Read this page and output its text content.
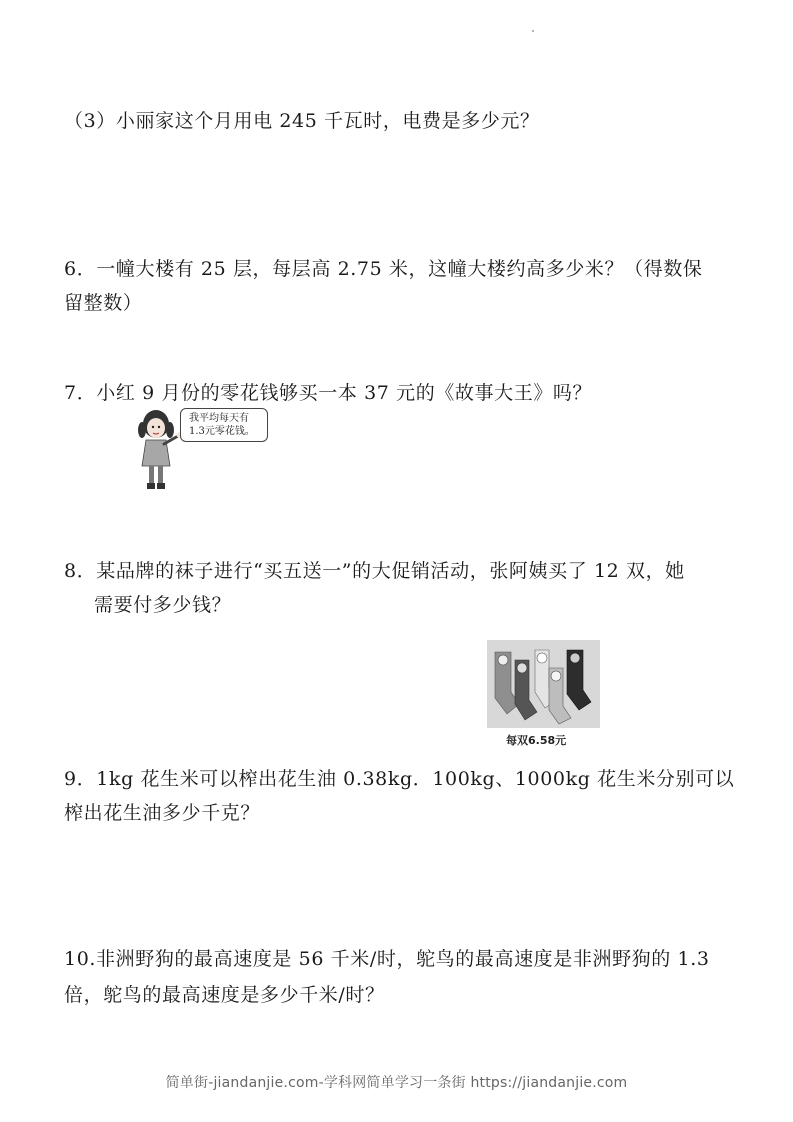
（3）小丽家这个月用电 245 千瓦时，电费是多少元？
6．一幢大楼有 25 层，每层高 2.75 米，这幢大楼约高多少米？（得数保
留整数）
7．小红 9 月份的零花钱够买一本 37 元的《故事大王》吗？
我平均每天有
1.3元零花钱。
8．某品牌的袜子进行“买五送一”的大促销活动，张阿姨买了 12 双，她
需要付多少钱？
每双6.58元
9．1kg 花生米可以榨出花生油 0.38kg．100kg、1000kg 花生米分别可以
榨出花生油多少千克？
10.非洲野狗的最高速度是 56 千米/时，鸵鸟的最高速度是非洲野狗的 1.3
倍，鸵鸟的最高速度是多少千米/时？
简单街-jiandanjie.com-学科网简单学习一条街 https://jiandanjie.com
